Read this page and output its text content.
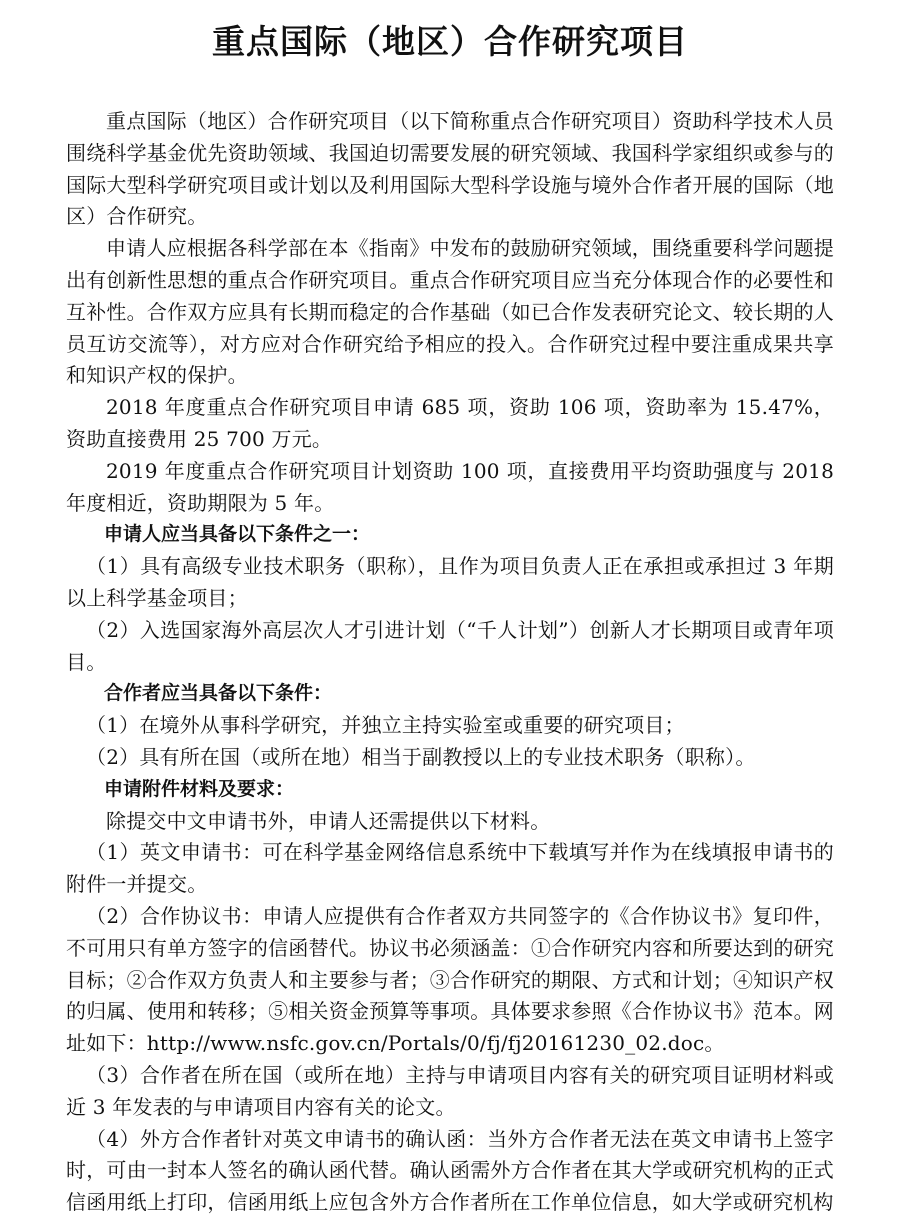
重点国际（地区）合作研究项目

重点国际（地区）合作研究项目（以下简称重点合作研究项目）资助科学技术人员围绕科学基金优先资助领域、我国迫切需要发展的研究领域、我国科学家组织或参与的国际大型科学研究项目或计划以及利用国际大型科学设施与境外合作者开展的国际（地区）合作研究。

申请人应根据各科学部在本《指南》中发布的鼓励研究领域，围绕重要科学问题提出有创新性思想的重点合作研究项目。重点合作研究项目应当充分体现合作的必要性和互补性。合作双方应具有长期而稳定的合作基础（如已合作发表研究论文、较长期的人员互访交流等），对方应对合作研究给予相应的投入。合作研究过程中要注重成果共享和知识产权的保护。

2018 年度重点合作研究项目申请 685 项，资助 106 项，资助率为 15.47%，资助直接费用 25 700 万元。

2019 年度重点合作研究项目计划资助 100 项，直接费用平均资助强度与 2018 年度相近，资助期限为 5 年。

申请人应当具备以下条件之一：

（1）具有高级专业技术职务（职称），且作为项目负责人正在承担或承担过 3 年期以上科学基金项目；

（2）入选国家海外高层次人才引进计划（“千人计划”）创新人才长期项目或青年项目。

合作者应当具备以下条件：

（1）在境外从事科学研究，并独立主持实验室或重要的研究项目；

（2）具有所在国（或所在地）相当于副教授以上的专业技术职务（职称）。

申请附件材料及要求：

除提交中文申请书外，申请人还需提供以下材料。

（1）英文申请书：可在科学基金网络信息系统中下载填写并作为在线填报申请书的附件一并提交。

（2）合作协议书：申请人应提供有合作者双方共同签字的《合作协议书》复印件，不可用只有单方签字的信函替代。协议书必须涵盖：①合作研究内容和所要达到的研究目标；②合作双方负责人和主要参与者；③合作研究的期限、方式和计划；④知识产权的归属、使用和转移；⑤相关资金预算等事项。具体要求参照《合作协议书》范本。网址如下：http://www.nsfc.gov.cn/Portals/0/fj/fj20161230_02.doc。

（3）合作者在所在国（或所在地）主持与申请项目内容有关的研究项目证明材料或近 3 年发表的与申请项目内容有关的论文。

（4）外方合作者针对英文申请书的确认函：当外方合作者无法在英文申请书上签字时，可由一封本人签名的确认函代替。确认函需外方合作者在其大学或研究机构的正式信函用纸上打印，信函用纸上应包含外方合作者所在工作单位信息，如大学或研究机构
